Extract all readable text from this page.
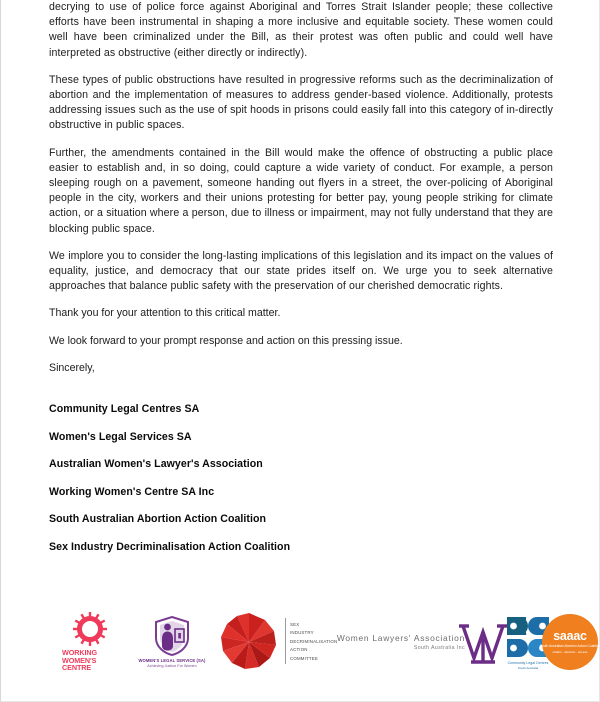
decrying to use of police force against Aboriginal and Torres Strait Islander people; these collective efforts have been instrumental in shaping a more inclusive and equitable society. These women could well have been criminalized under the Bill, as their protest was often public and could well have interpreted as obstructive (either directly or indirectly).

These types of public obstructions have resulted in progressive reforms such as the decriminalization of abortion and the implementation of measures to address gender-based violence. Additionally, protests addressing issues such as the use of spit hoods in prisons could easily fall into this category of in-directly obstructive in public spaces.

Further, the amendments contained in the Bill would make the offence of obstructing a public place easier to establish and, in so doing, could capture a wide variety of conduct. For example, a person sleeping rough on a pavement, someone handing out flyers in a street, the over-policing of Aboriginal people in the city, workers and their unions protesting for better pay, young people striking for climate action, or a situation where a person, due to illness or impairment, may not fully understand that they are blocking public space.

We implore you to consider the long-lasting implications of this legislation and its impact on the values of equality, justice, and democracy that our state prides itself on. We urge you to seek alternative approaches that balance public safety with the preservation of our cherished democratic rights.

Thank you for your attention to this critical matter.

We look forward to your prompt response and action on this pressing issue.

Sincerely,

Community Legal Centres SA
Women's Legal Services SA
Australian Women's Lawyer's Association
Working Women's Centre SA Inc
South Australian Abortion Action Coalition
Sex Industry Decriminalisation Action Coalition
WORKING
WOMEN'S
CENTRE
WOMEN'S LEGAL SERVICE (SA)
Achieving Justice For Women
SEX
INDUSTRY
DECRIMINALISATION
ACTION
COMMITTEE
Women Lawyers' Association
South Australia Inc
Community Legal Centres
South Australia
saaac
South Australian Abortion Action Coalition
chatful . abortion . access
